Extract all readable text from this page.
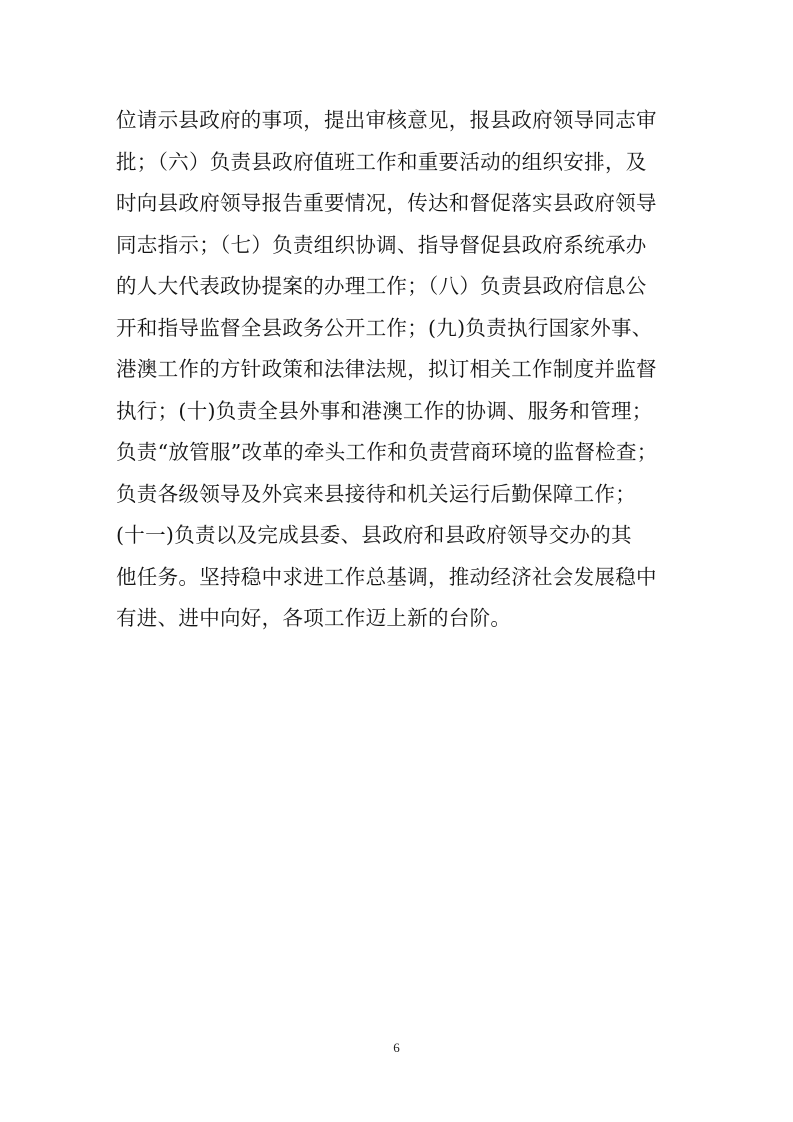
位请示县政府的事项，提出审核意见，报县政府领导同志审
批；（六）负责县政府值班工作和重要活动的组织安排，及
时向县政府领导报告重要情况，传达和督促落实县政府领导
同志指示；（七）负责组织协调、指导督促县政府系统承办
的人大代表政协提案的办理工作；（八）负责县政府信息公
开和指导监督全县政务公开工作；(九)负责执行国家外事、
港澳工作的方针政策和法律法规，拟订相关工作制度并监督
执行；(十)负责全县外事和港澳工作的协调、服务和管理；
负责“放管服”改革的牵头工作和负责营商环境的监督检查；
负责各级领导及外宾来县接待和机关运行后勤保障工作；
(十一)负责以及完成县委、县政府和县政府领导交办的其
他任务。坚持稳中求进工作总基调，推动经济社会发展稳中
有进、进中向好，各项工作迈上新的台阶。
6
